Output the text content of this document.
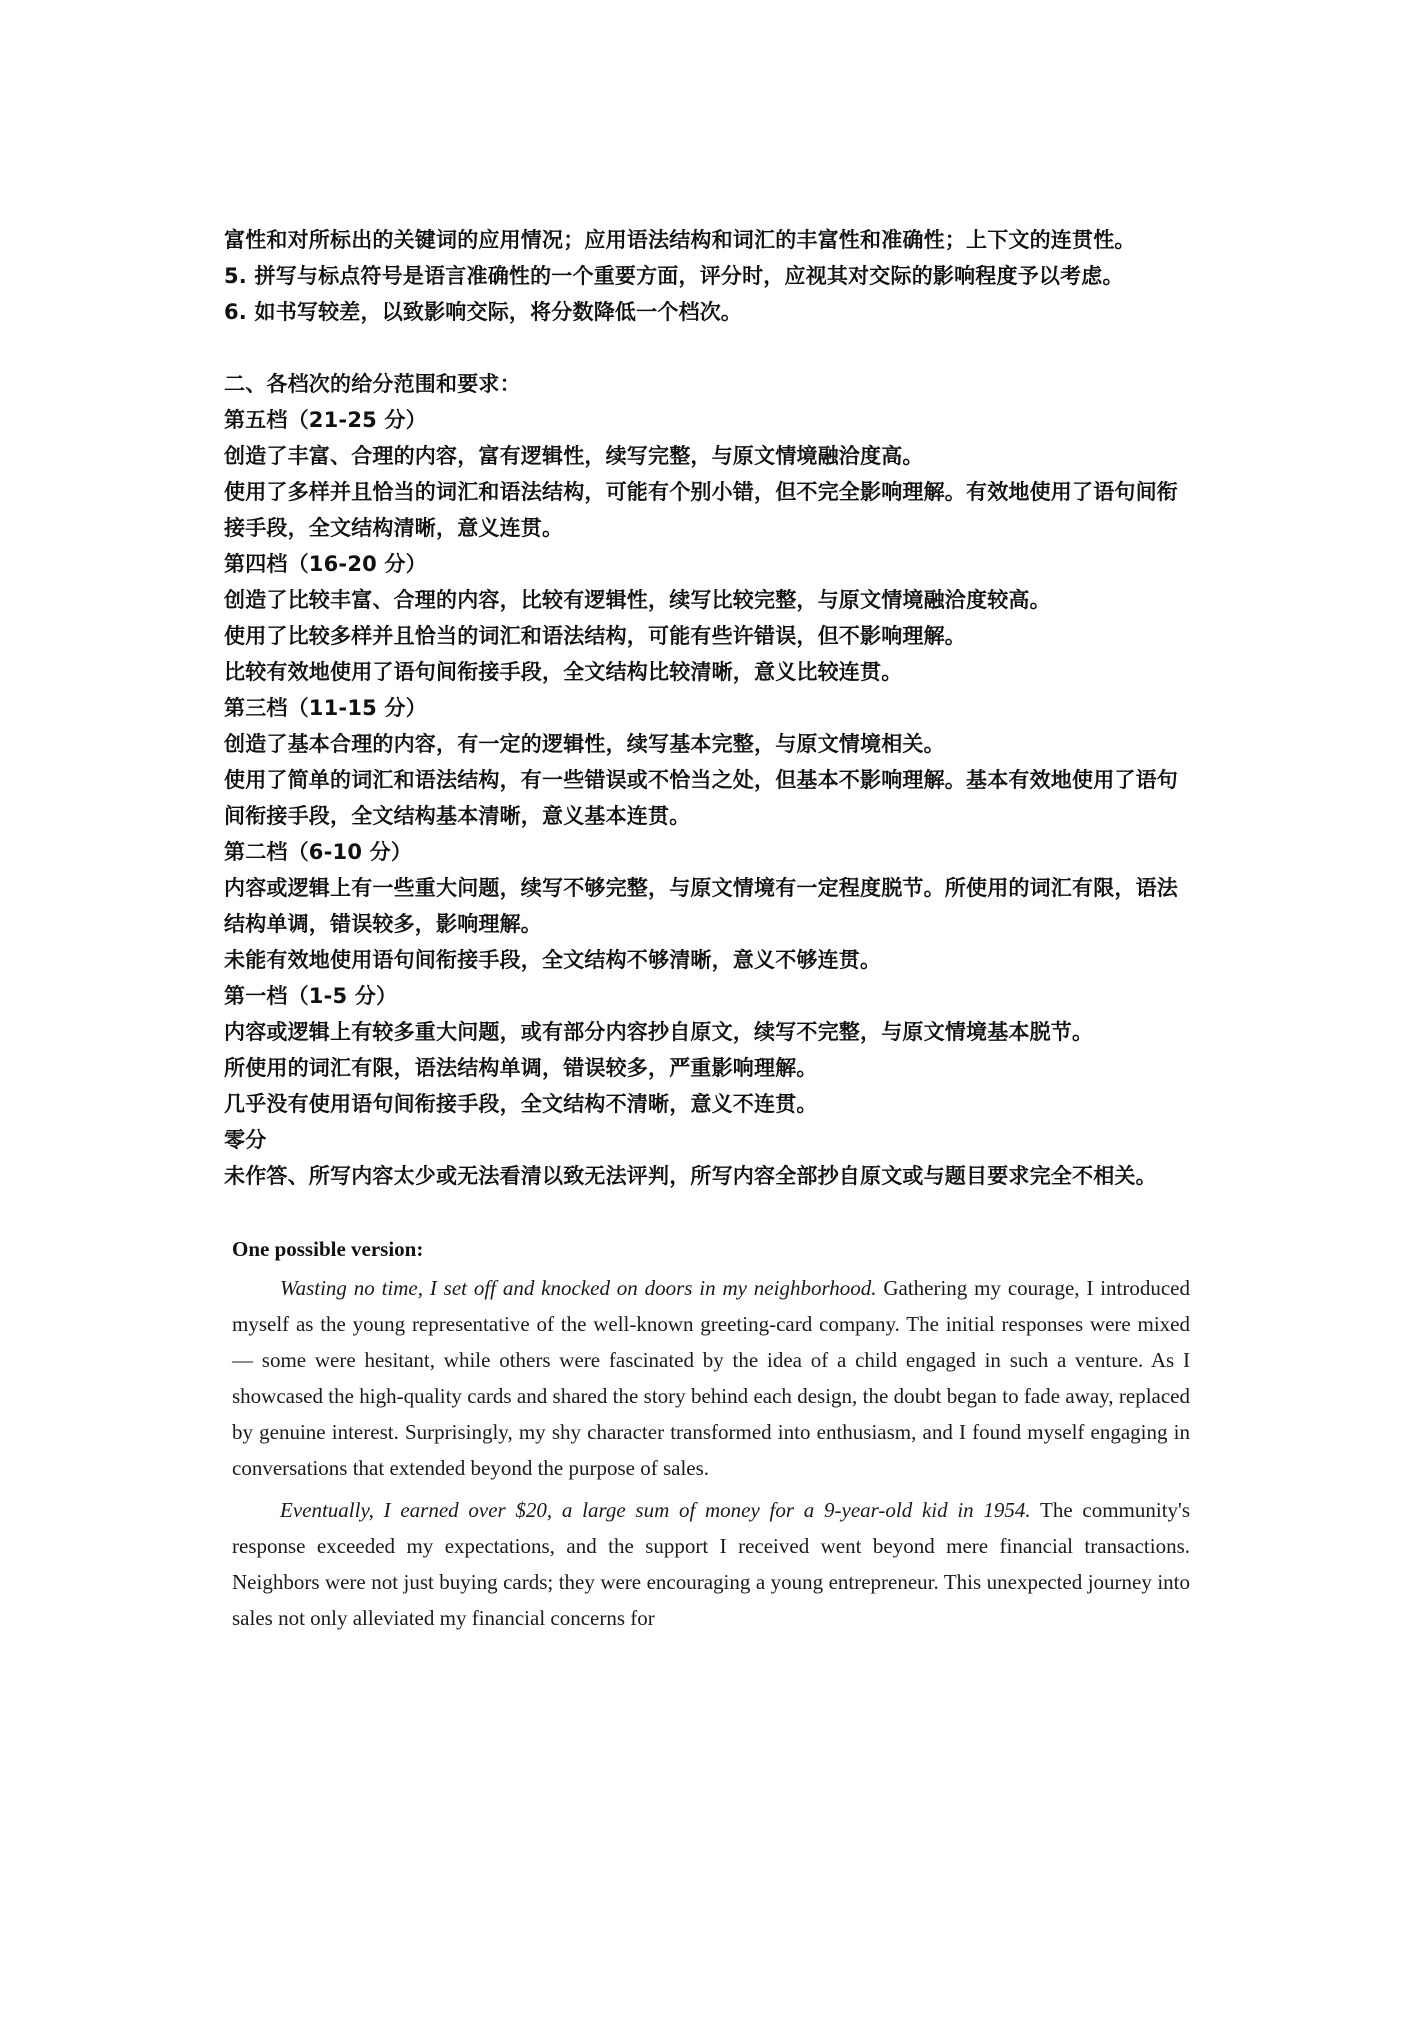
富性和对所标出的关键词的应用情况；应用语法结构和词汇的丰富性和准确性；上下文的连贯性。

5. 拼写与标点符号是语言准确性的一个重要方面，评分时，应视其对交际的影响程度予以考虑。

6. 如书写较差，以致影响交际，将分数降低一个档次。

二、各档次的给分范围和要求：

第五档（21-25 分）

创造了丰富、合理的内容，富有逻辑性，续写完整，与原文情境融洽度高。

使用了多样并且恰当的词汇和语法结构，可能有个别小错，但不完全影响理解。有效地使用了语句间衔接手段，全文结构清晰，意义连贯。

第四档（16-20 分）

创造了比较丰富、合理的内容，比较有逻辑性，续写比较完整，与原文情境融洽度较高。

使用了比较多样并且恰当的词汇和语法结构，可能有些许错误，但不影响理解。

比较有效地使用了语句间衔接手段，全文结构比较清晰，意义比较连贯。

第三档（11-15 分）

创造了基本合理的内容，有一定的逻辑性，续写基本完整，与原文情境相关。

使用了简单的词汇和语法结构，有一些错误或不恰当之处，但基本不影响理解。基本有效地使用了语句间衔接手段，全文结构基本清晰，意义基本连贯。

第二档（6-10 分）

内容或逻辑上有一些重大问题，续写不够完整，与原文情境有一定程度脱节。所使用的词汇有限，语法结构单调，错误较多，影响理解。

未能有效地使用语句间衔接手段，全文结构不够清晰，意义不够连贯。

第一档（1-5 分）

内容或逻辑上有较多重大问题，或有部分内容抄自原文，续写不完整，与原文情境基本脱节。

所使用的词汇有限，语法结构单调，错误较多，严重影响理解。

几乎没有使用语句间衔接手段，全文结构不清晰，意义不连贯。

零分

未作答、所写内容太少或无法看清以致无法评判，所写内容全部抄自原文或与题目要求完全不相关。

One possible version:

Wasting no time, I set off and knocked on doors in my neighborhood. Gathering my courage, I introduced myself as the young representative of the well-known greeting-card company. The initial responses were mixed — some were hesitant, while others were fascinated by the idea of a child engaged in such a venture. As I showcased the high-quality cards and shared the story behind each design, the doubt began to fade away, replaced by genuine interest. Surprisingly, my shy character transformed into enthusiasm, and I found myself engaging in conversations that extended beyond the purpose of sales.

Eventually, I earned over $20, a large sum of money for a 9-year-old kid in 1954. The community's response exceeded my expectations, and the support I received went beyond mere financial transactions. Neighbors were not just buying cards; they were encouraging a young entrepreneur. This unexpected journey into sales not only alleviated my financial concerns for
